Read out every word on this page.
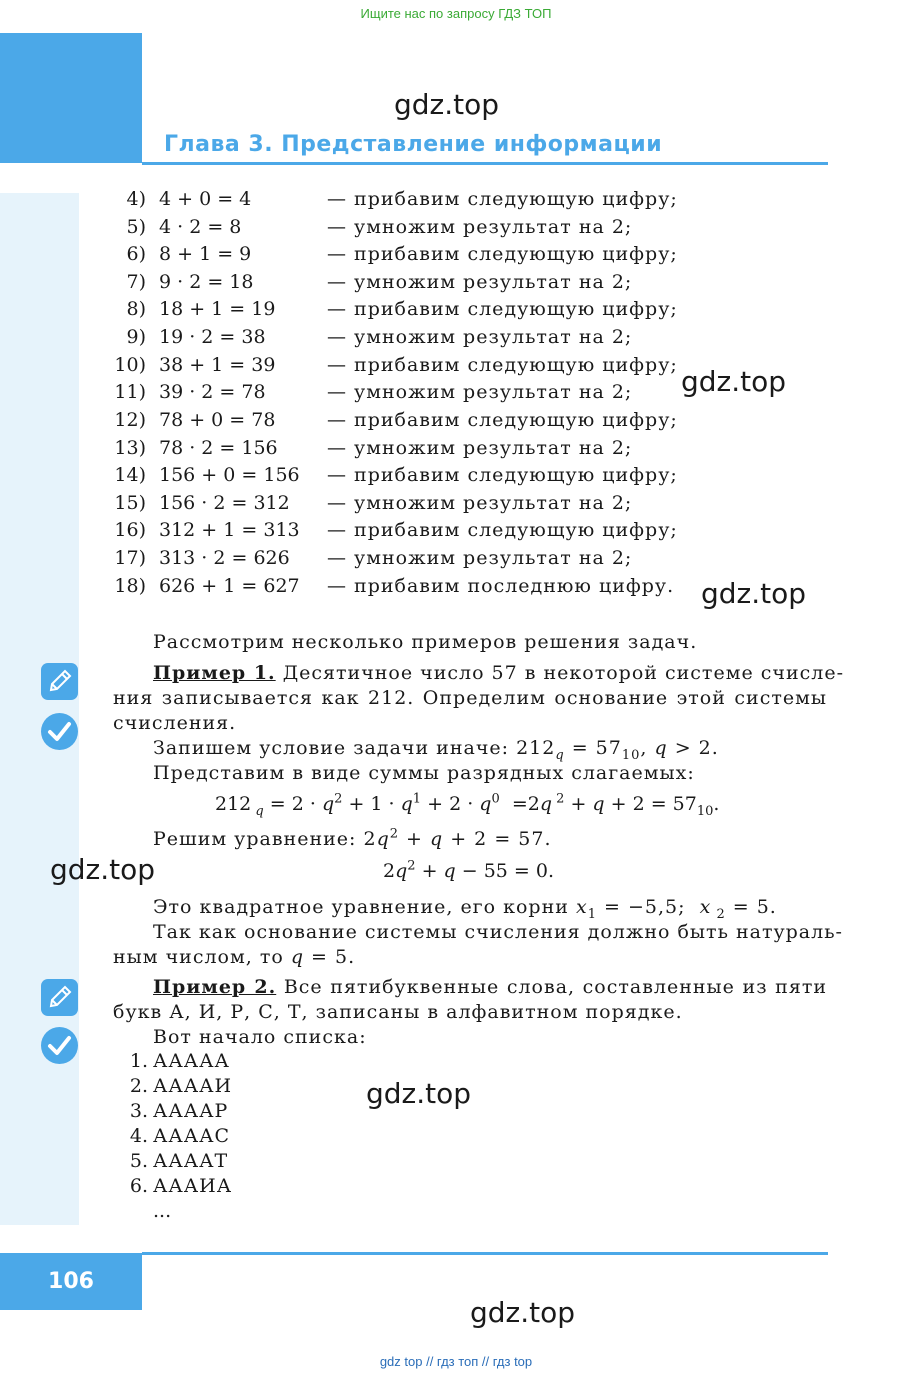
Ищите нас по запросу ГДЗ ТОП
gdz.top
Глава 3. Представление информации
4) 4 + 0 = 4	— прибавим следующую цифру;
5) 4 · 2 = 8	— умножим результат на 2;
6) 8 + 1 = 9	— прибавим следующую цифру;
7) 9 · 2 = 18	— умножим результат на 2;
8) 18 + 1 = 19	— прибавим следующую цифру;
9) 19 · 2 = 38	— умножим результат на 2;
10) 38 + 1 = 39	— прибавим следующую цифру;
11) 39 · 2 = 78	— умножим результат на 2;
12) 78 + 0 = 78	— прибавим следующую цифру;
13) 78 · 2 = 156	— умножим результат на 2;
14) 156 + 0 = 156 — прибавим следующую цифру;
15) 156 · 2 = 312 — умножим результат на 2;
16) 312 + 1 = 313 — прибавим следующую цифру;
17) 313 · 2 = 626 — умножим результат на 2;
18) 626 + 1 = 627 — прибавим последнюю цифру.
gdz.top
gdz.top
Рассмотрим несколько примеров решения задач.
Пример 1. Десятичное число 57 в некоторой системе счисле-
ния записывается как 212. Определим основание этой системы
счисления.
Запишем условие задачи иначе: $212_q = 57_{10}$, q > 2.
Представим в виде суммы разрядных слагаемых:
212 $_q = 2 \cdot q^2 + 1 \cdot q^1 + 2 \cdot q^0 =2q$ $^2 + q + 2 = 57_{10}$.
Решим уравнение: $2q^2 + q + 2 = 57$.
$2q^2 + q - 55 = 0$.
gdz.top
Это квадратное уравнение, его корни $x_1 = -5,5$;  x $_2$ = 5.
Так как основание системы счисления должно быть натураль-
ным числом, то q = 5.
Пример 2. Все пятибуквенные слова, составленные из пяти
букв А, И, Р, С, Т, записаны в алфавитном порядке.
Вот начало списка:
1. ААААА
2. ААААИ
3. ААААР
4. ААААС
5. ААААТ
6. АААИА
...
gdz.top
106
gdz.top
gdz top // гдз топ // гдз top
